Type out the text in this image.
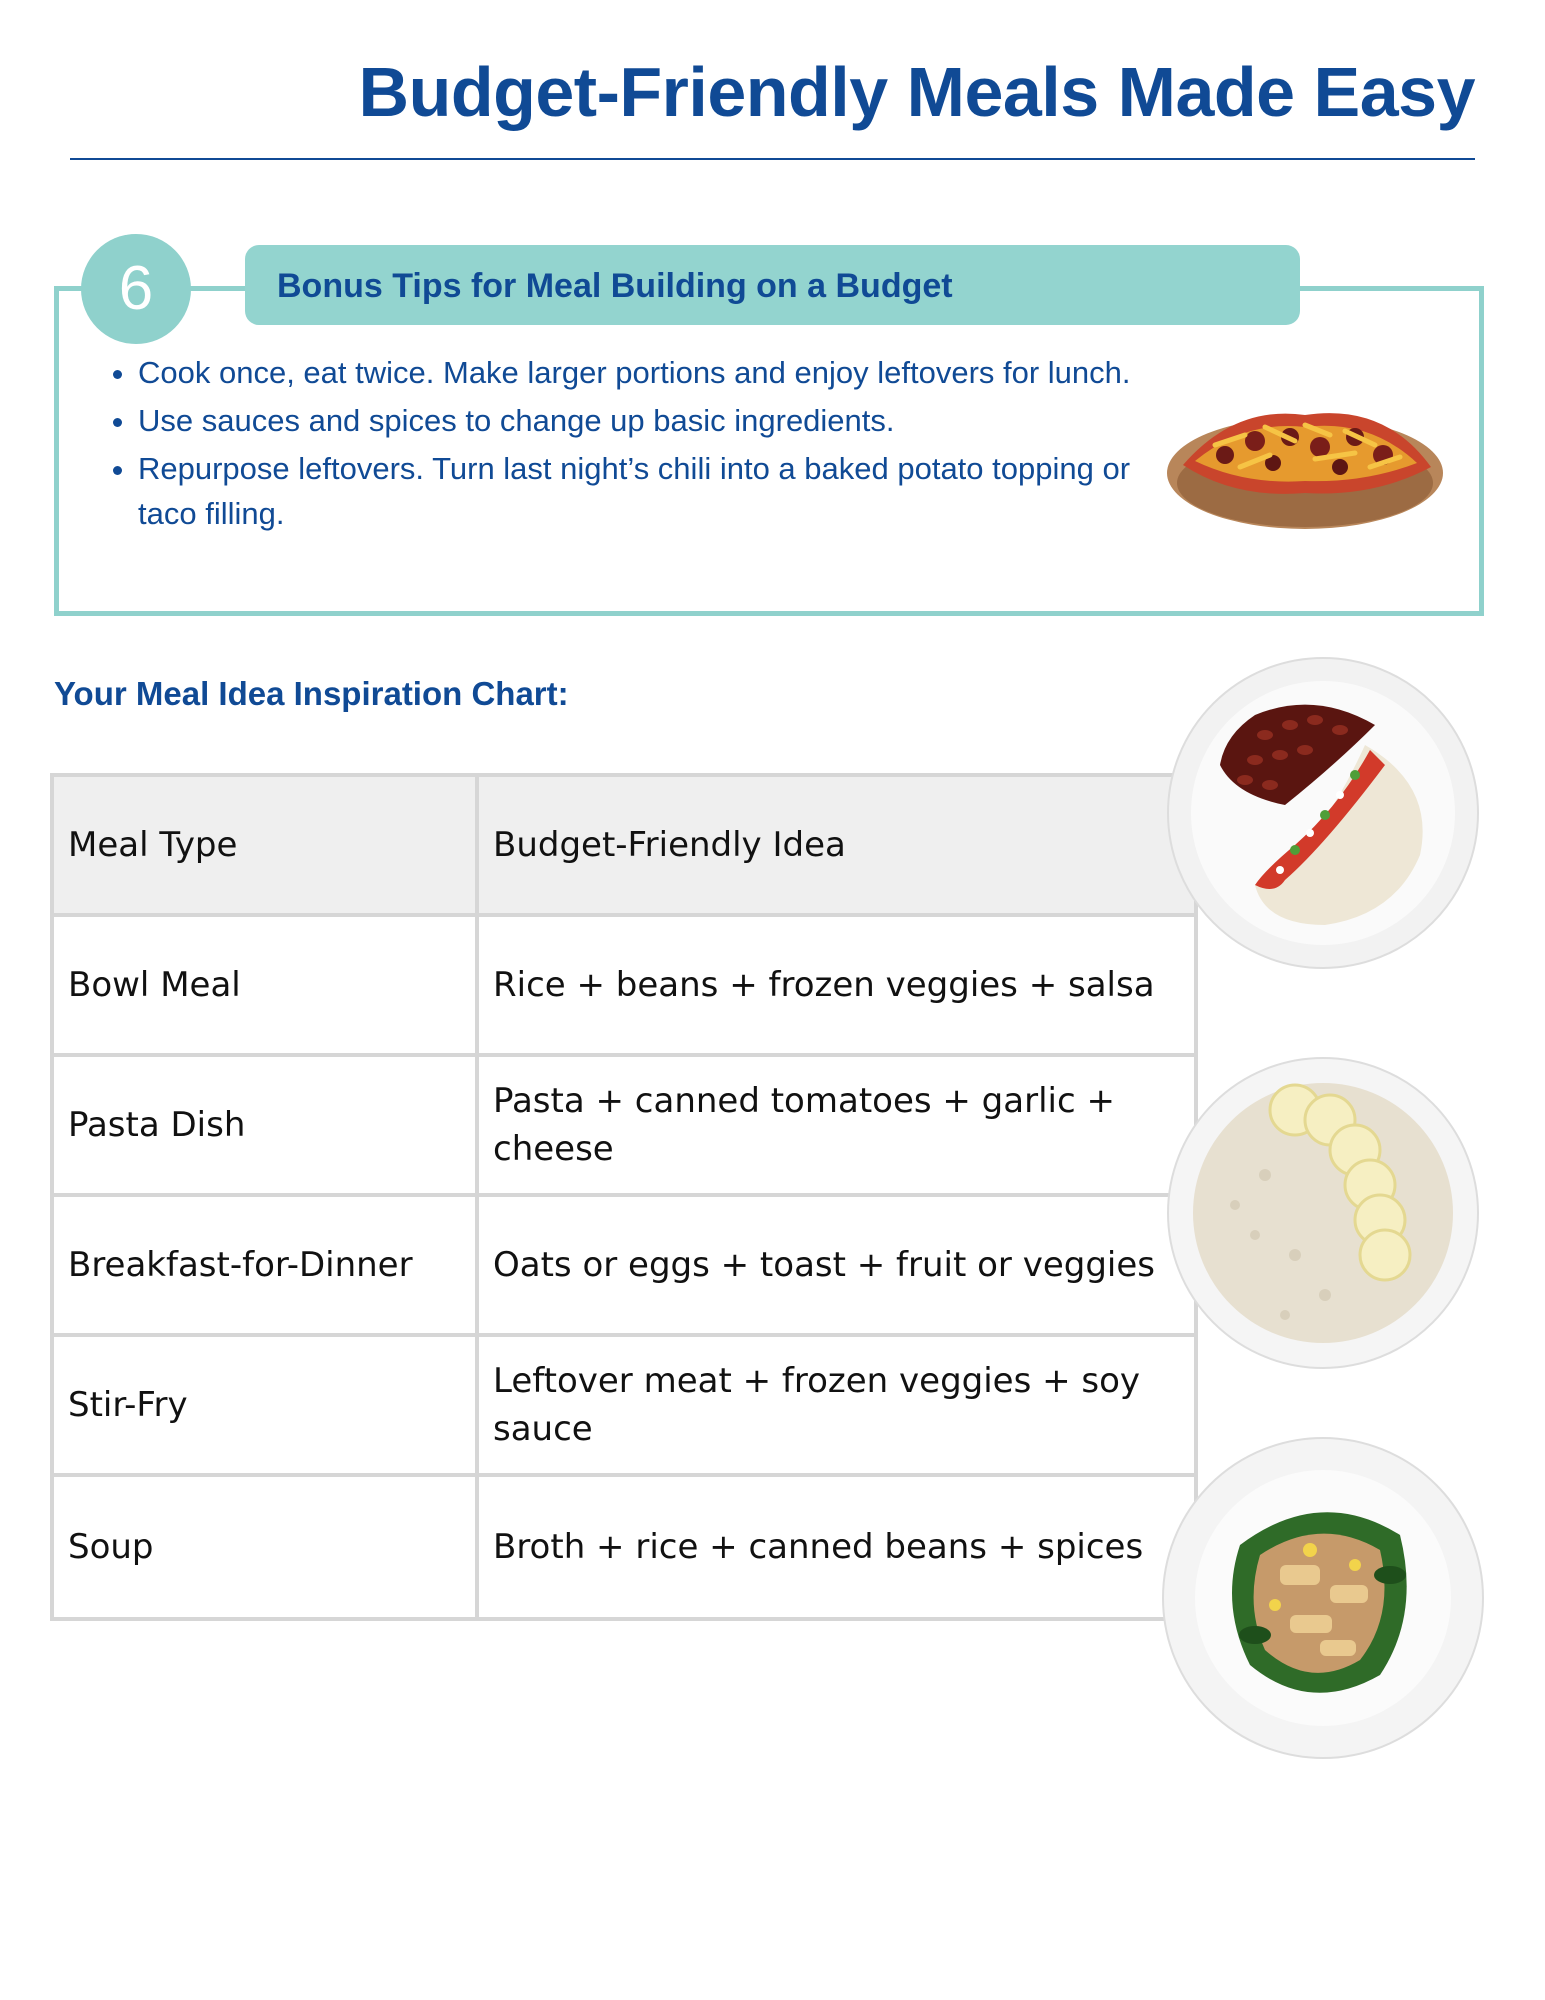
Budget-Friendly Meals Made Easy
6	Bonus Tips for Meal Building on a Budget
• Cook once, eat twice. Make larger portions and enjoy leftovers for lunch.
• Use sauces and spices to change up basic ingredients.
• Repurpose leftovers. Turn last night’s chili into a baked potato topping or taco filling.
Your Meal Idea Inspiration Chart:
Meal Type	Budget-Friendly Idea
Bowl Meal	Rice + beans + frozen veggies + salsa
Pasta Dish	Pasta + canned tomatoes + garlic + cheese
Breakfast-for-Dinner	Oats or eggs + toast + fruit or veggies
Stir-Fry	Leftover meat + frozen veggies + soy sauce
Soup	Broth + rice + canned beans + spices
